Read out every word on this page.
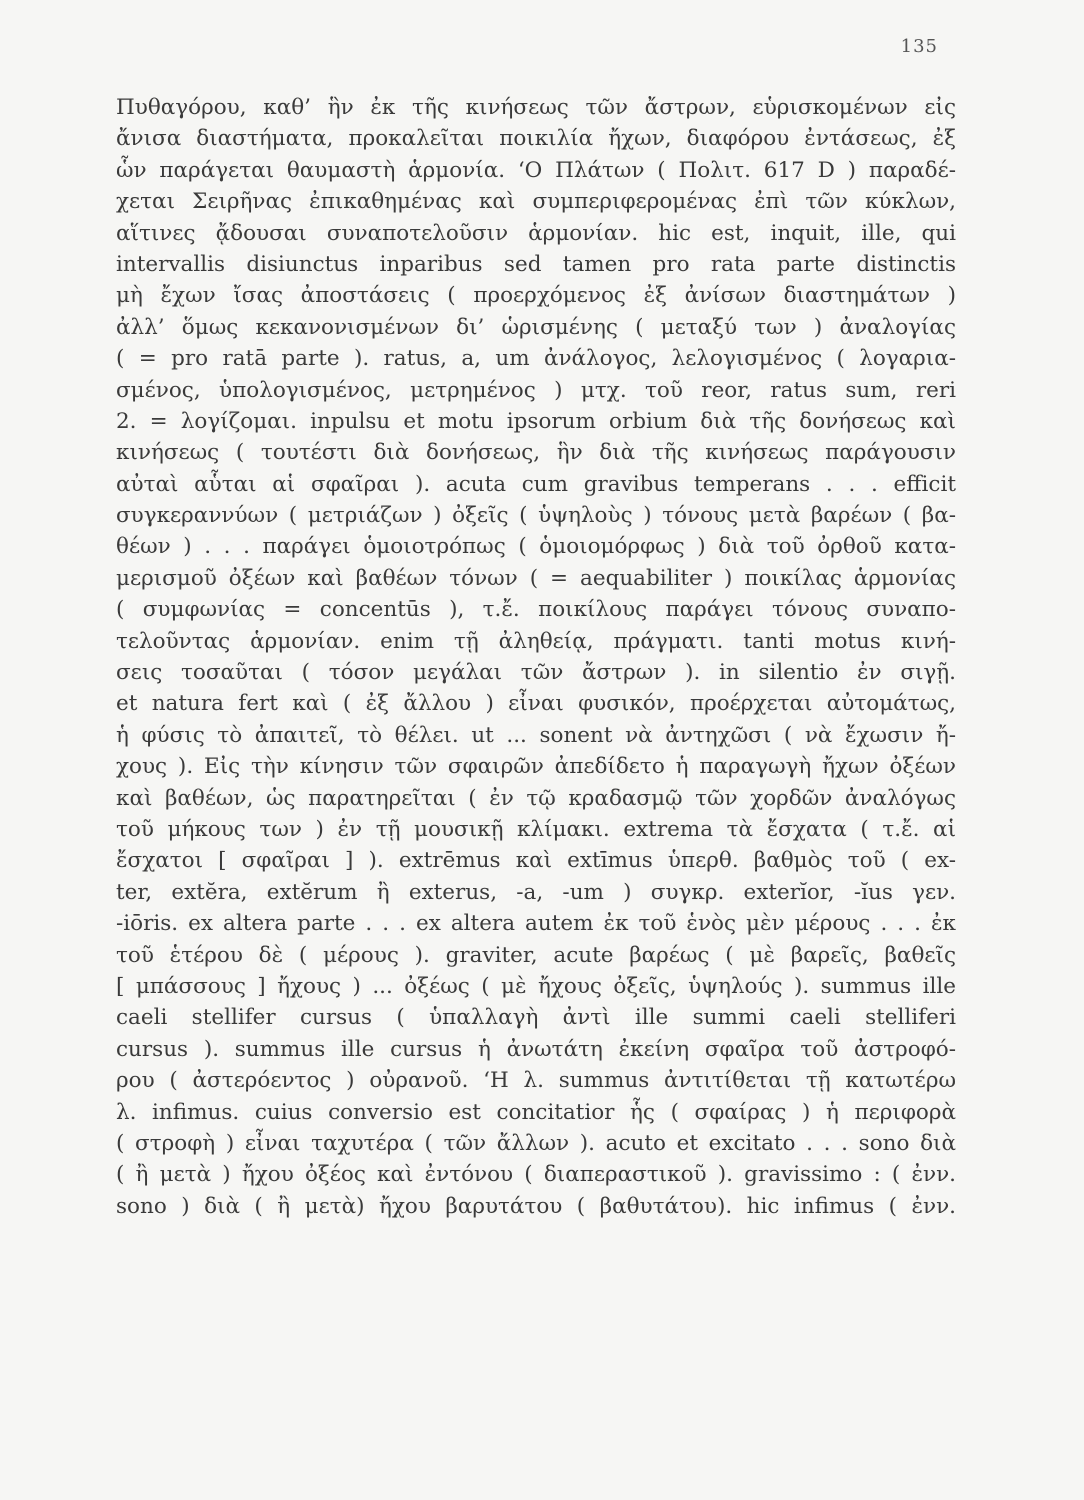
135
Πυθαγόρου, καθ’ ἣν ἐκ τῆς κινήσεως τῶν ἄστρων, εὑρισκομένων εἰς
ἄνισα διαστήματα, προκαλεῖται ποικιλία ἤχων, διαφόρου ἐντάσεως, ἐξ
ὧν παράγεται θαυμαστὴ ἁρμονία. ‘Ο Πλάτων ( Πολιτ. 617 D ) παραδέ-
χεται Σειρῆνας ἐπικαθημένας καὶ συμπεριφερομένας ἐπὶ τῶν κύκλων,
αἵτινες ᾄδουσαι συναποτελοῦσιν ἁρμονίαν. hic est, inquit, ille, qui
intervallis disiunctus inparibus sed tamen pro rata parte distinctis
μὴ ἔχων ἴσας ἀποστάσεις ( προερχόμενος ἐξ ἀνίσων διαστημάτων )
ἀλλ’ ὅμως κεκανονισμένων δι’ ὡρισμένης ( μεταξύ των ) ἀναλογίας
( = pro ratā parte ). ratus, a, um ἀνάλογος, λελογισμένος ( λογαρια-
σμένος, ὑπολογισμένος, μετρημένος ) μτχ. τοῦ reor, ratus sum, reri
2. = λογίζομαι. inpulsu et motu ipsorum orbium διὰ τῆς δονήσεως καὶ
κινήσεως ( τουτέστι διὰ δονήσεως, ἣν διὰ τῆς κινήσεως παράγουσιν
αὐταὶ αὗται αἱ σφαῖραι ). acuta cum gravibus temperans . . . efficit
συγκεραννύων ( μετριάζων ) ὀξεῖς ( ὑψηλοὺς ) τόνους μετὰ βαρέων ( βα-
θέων ) . . . παράγει ὁμοιοτρόπως ( ὁμοιομόρφως ) διὰ τοῦ ὀρθοῦ κατα-
μερισμοῦ ὀξέων καὶ βαθέων τόνων ( = aequabiliter ) ποικίλας ἁρμονίας
( συμφωνίας = concentūs ), τ.ἔ. ποικίλους παράγει τόνους συναπο-
τελοῦντας ἁρμονίαν. enim τῇ ἀληθείᾳ, πράγματι. tanti motus κινή-
σεις τοσαῦται ( τόσον μεγάλαι τῶν ἄστρων ). in silentio ἐν σιγῇ.
et natura fert καὶ ( ἐξ ἄλλου ) εἶναι φυσικόν, προέρχεται αὐτομάτως,
ἡ φύσις τὸ ἀπαιτεῖ, τὸ θέλει. ut ... sonent νὰ ἀντηχῶσι ( νὰ ἔχωσιν ἤ-
χους ). Εἰς τὴν κίνησιν τῶν σφαιρῶν ἀπεδίδετο ἡ παραγωγὴ ἤχων ὀξέων
καὶ βαθέων, ὡς παρατηρεῖται ( ἐν τῷ κραδασμῷ τῶν χορδῶν ἀναλόγως
τοῦ μήκους των ) ἐν τῇ μουσικῇ κλίμακι. extrema τὰ ἔσχατα ( τ.ἔ. αἱ
ἔσχατοι [ σφαῖραι ] ). extrēmus καὶ extīmus ὑπερθ. βαθμὸς τοῦ ( ex-
ter, extĕra, extĕrum ἢ exterus, -a, -um ) συγκρ. exterĭor, -ĭus γεν.
-iōris. ex altera parte . . . ex altera autem ἐκ τοῦ ἑνὸς μὲν μέρους . . . ἐκ
τοῦ ἑτέρου δὲ ( μέρους ). graviter, acute βαρέως ( μὲ βαρεῖς, βαθεῖς
[ μπάσσους ] ἤχους ) ... ὀξέως ( μὲ ἤχους ὀξεῖς, ὑψηλούς ). summus ille
caeli stellifer cursus ( ὑπαλλαγὴ ἀντὶ ille summi caeli stelliferi
cursus ). summus ille cursus ἡ ἀνωτάτη ἐκείνη σφαῖρα τοῦ ἀστροφό-
ρου ( ἀστερόεντος ) οὐρανοῦ. ‘Η λ. summus ἀντιτίθεται τῇ κατωτέρω
λ. infimus. cuius conversio est concitatior ἧς ( σφαίρας ) ἡ περιφορὰ
( στροφὴ ) εἶναι ταχυτέρα ( τῶν ἄλλων ). acuto et excitato . . . sono διὰ
( ἢ μετὰ ) ἤχου ὀξέος καὶ ἐντόνου ( διαπεραστικοῦ ). gravissimo : ( ἐνν.
sono ) διὰ ( ἢ μετὰ) ἤχου βαρυτάτου ( βαθυτάτου). hic infimus ( ἐνν.
